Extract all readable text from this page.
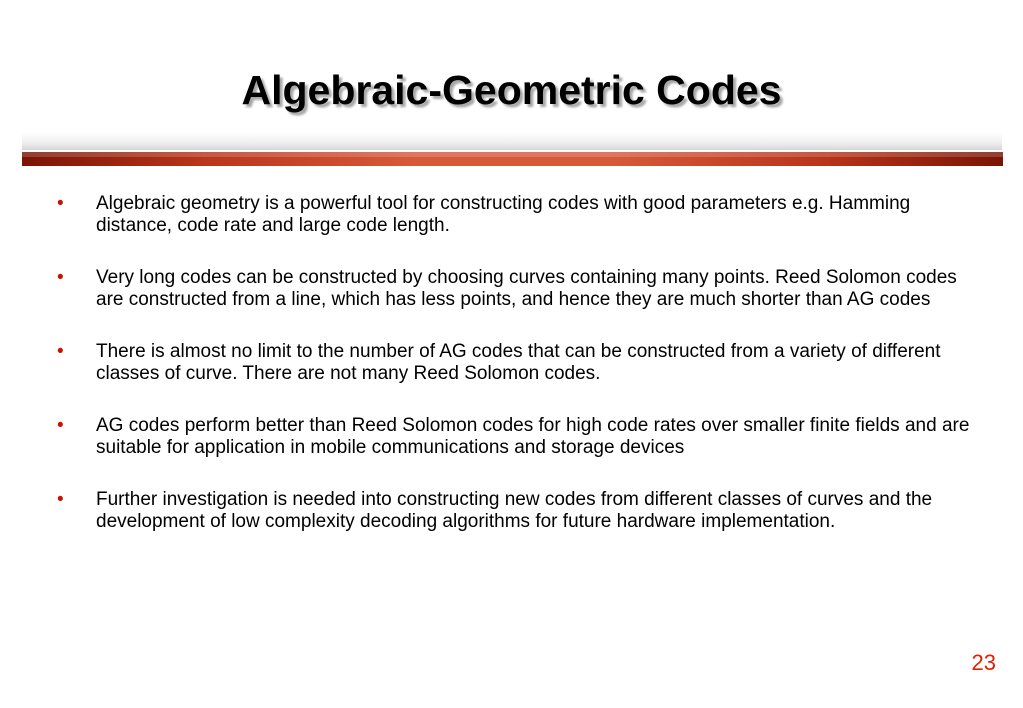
Algebraic-Geometric Codes
• Algebraic geometry is a powerful tool for constructing codes with good parameters e.g. Hamming distance, code rate and large code length.
• Very long codes can be constructed by choosing curves containing many points. Reed Solomon codes are constructed from a line, which has less points, and hence they are much shorter than AG codes
• There is almost no limit to the number of AG codes that can be constructed from a variety of different classes of curve. There are not many Reed Solomon codes.
• AG codes perform better than Reed Solomon codes for high code rates over smaller finite fields and are suitable for application in mobile communications and storage devices
• Further investigation is needed into constructing new codes from different classes of curves and the development of low complexity decoding algorithms for future hardware implementation.
23
